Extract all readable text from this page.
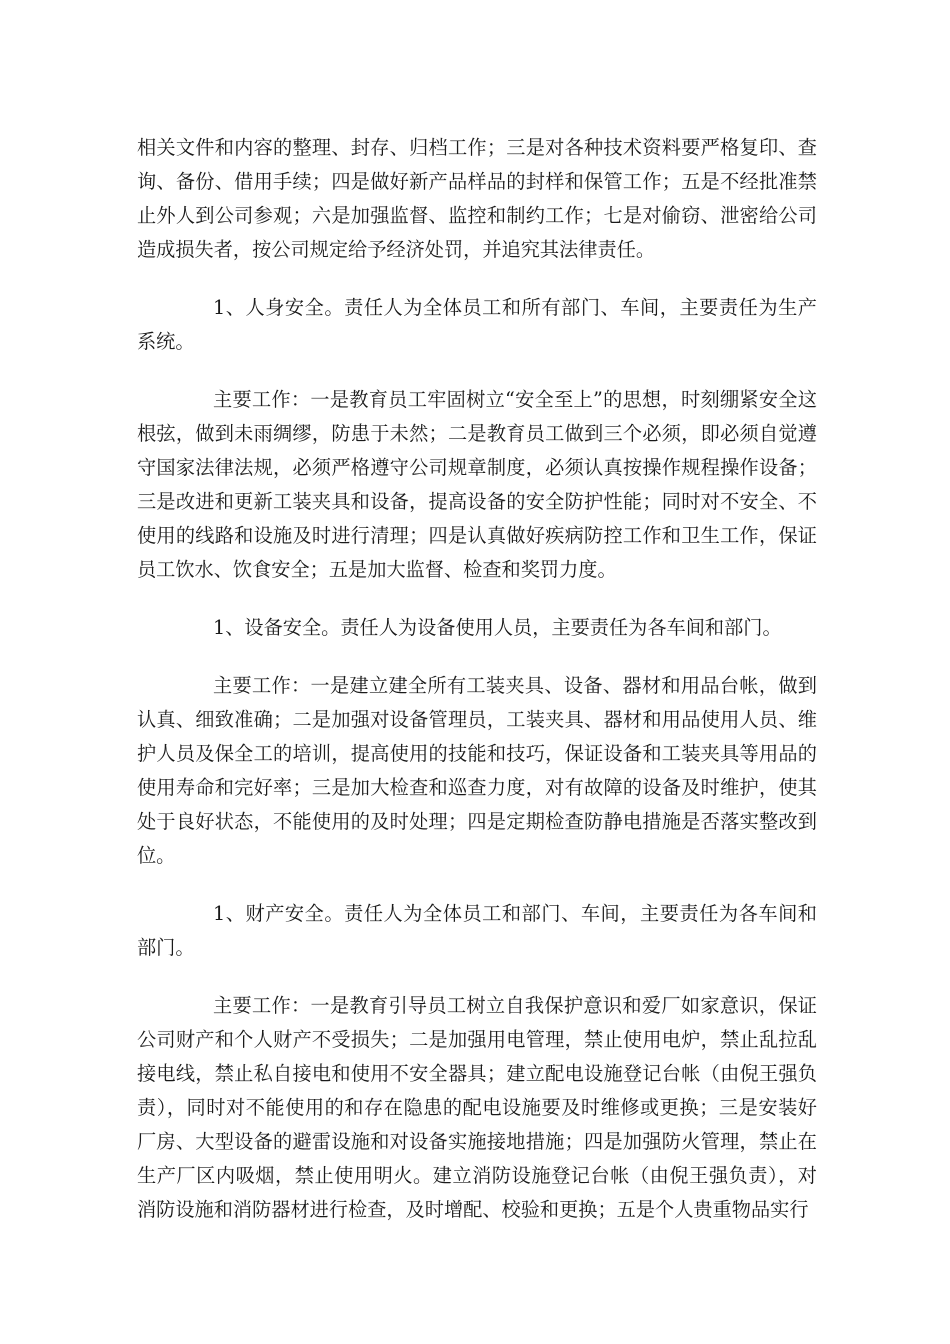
相关文件和内容的整理、封存、归档工作；三是对各种技术资料要严格复印、查询、备份、借用手续；四是做好新产品样品的封样和保管工作；五是不经批准禁止外人到公司参观；六是加强监督、监控和制约工作；七是对偷窃、泄密给公司造成损失者，按公司规定给予经济处罚，并追究其法律责任。

1、人身安全。责任人为全体员工和所有部门、车间，主要责任为生产系统。

主要工作：一是教育员工牢固树立“安全至上”的思想，时刻绷紧安全这根弦，做到未雨绸缪，防患于未然；二是教育员工做到三个必须，即必须自觉遵守国家法律法规，必须严格遵守公司规章制度，必须认真按操作规程操作设备；三是改进和更新工装夹具和设备，提高设备的安全防护性能；同时对不安全、不使用的线路和设施及时进行清理；四是认真做好疾病防控工作和卫生工作，保证员工饮水、饮食安全；五是加大监督、检查和奖罚力度。

1、设备安全。责任人为设备使用人员，主要责任为各车间和部门。

主要工作：一是建立建全所有工装夹具、设备、器材和用品台帐，做到认真、细致准确；二是加强对设备管理员，工装夹具、器材和用品使用人员、维护人员及保全工的培训，提高使用的技能和技巧，保证设备和工装夹具等用品的使用寿命和完好率；三是加大检查和巡查力度，对有故障的设备及时维护，使其处于良好状态，不能使用的及时处理；四是定期检查防静电措施是否落实整改到位。

1、财产安全。责任人为全体员工和部门、车间，主要责任为各车间和部门。

主要工作：一是教育引导员工树立自我保护意识和爱厂如家意识，保证公司财产和个人财产不受损失；二是加强用电管理，禁止使用电炉，禁止乱拉乱接电线，禁止私自接电和使用不安全器具；建立配电设施登记台帐（由倪王强负责），同时对不能使用的和存在隐患的配电设施要及时维修或更换；三是安装好厂房、大型设备的避雷设施和对设备实施接地措施；四是加强防火管理，禁止在生产厂区内吸烟，禁止使用明火。建立消防设施登记台帐（由倪王强负责），对消防设施和消防器材进行检查，及时增配、校验和更换；五是个人贵重物品实行
